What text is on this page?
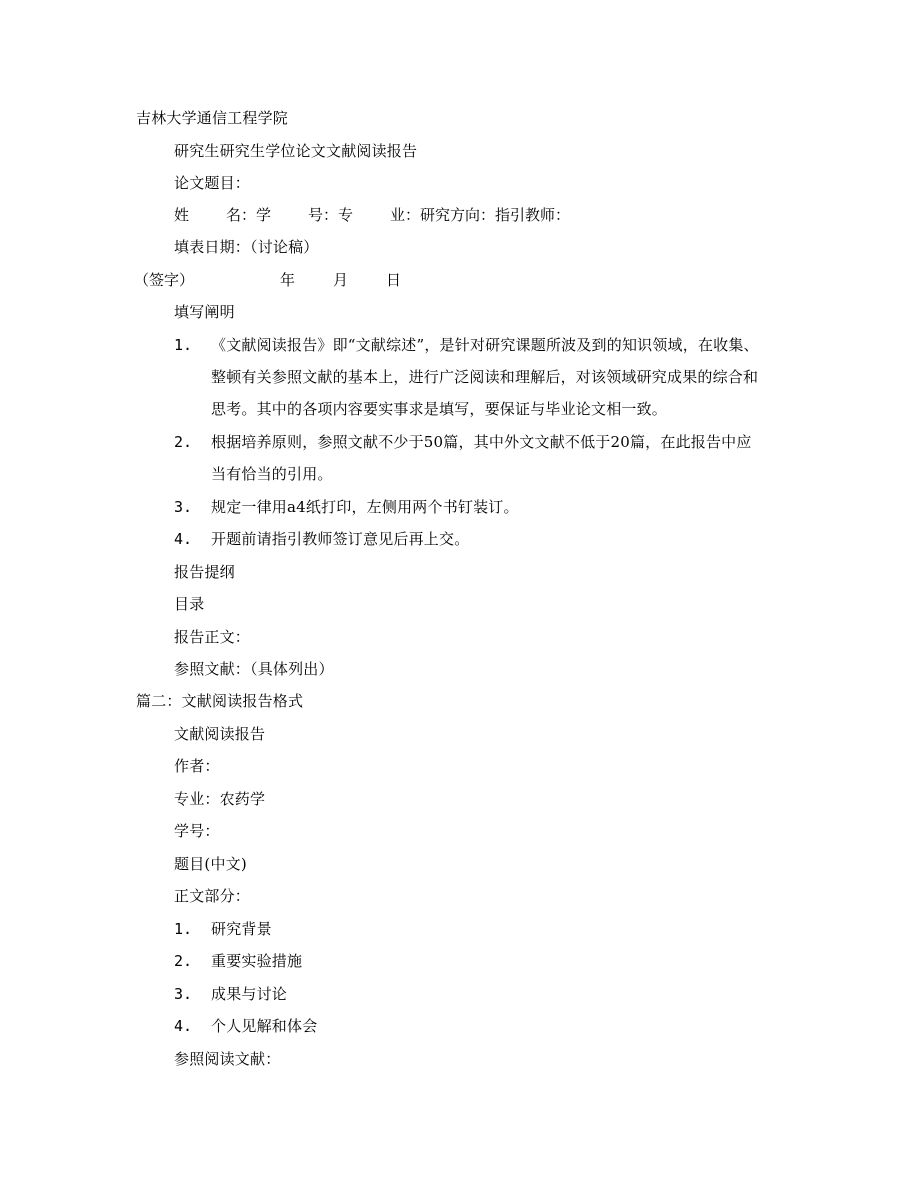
吉林大学通信工程学院
研究生研究生学位论文文献阅读报告
论文题目：
姓 名：学 号：专 业：研究方向：指引教师：
填表日期：（讨论稿）
（签字）	年	月	日
填写阐明
1. 《文献阅读报告》即“文献综述”，是针对研究课题所波及到的知识领域，在收集、
整顿有关参照文献的基本上，进行广泛阅读和理解后，对该领域研究成果的综合和
思考。其中的各项内容要实事求是填写，要保证与毕业论文相一致。
2. 根据培养原则，参照文献不少于50篇，其中外文文献不低于20篇，在此报告中应
当有恰当的引用。
3. 规定一律用a4纸打印，左侧用两个书钉装订。
4. 开题前请指引教师签订意见后再上交。
报告提纲
目录
报告正文：
参照文献：（具体列出）
篇二：文献阅读报告格式
文献阅读报告
作者：
专业：农药学
学号：
题目(中文)
正文部分：
1. 研究背景
2. 重要实验措施
3. 成果与讨论
4. 个人见解和体会
参照阅读文献：
